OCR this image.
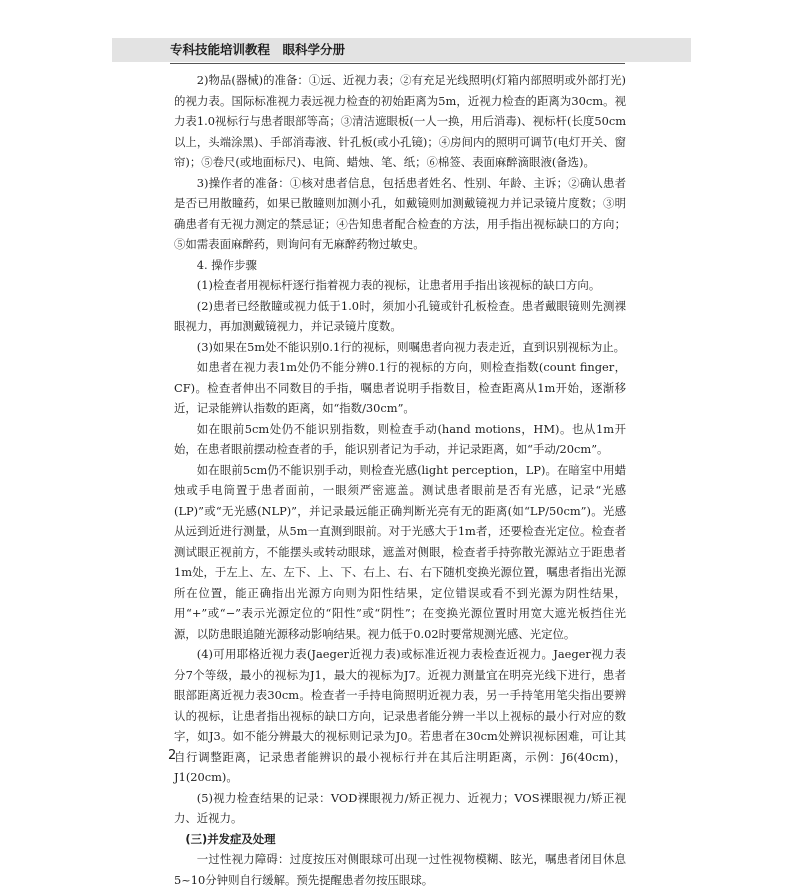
专科技能培训教程　眼科学分册

2)物品(器械)的准备：①远、近视力表；②有充足光线照明(灯箱内部照明或外部打光)的视力表。国际标准视力表远视力检查的初始距离为5m，近视力检查的距离为30cm。视力表1.0视标行与患者眼部等高；③清洁遮眼板(一人一换，用后消毒)、视标杆(长度50cm以上，头端涂黑)、手部消毒液、针孔板(或小孔镜)；④房间内的照明可调节(电灯开关、窗帘)；⑤卷尺(或地面标尺)、电筒、蜡烛、笔、纸；⑥棉签、表面麻醉滴眼液(备选)。

3)操作者的准备：①核对患者信息，包括患者姓名、性别、年龄、主诉；②确认患者是否已用散瞳药，如果已散瞳则加测小孔，如戴镜则加测戴镜视力并记录镜片度数；③明确患者有无视力测定的禁忌证；④告知患者配合检查的方法，用手指出视标缺口的方向；⑤如需表面麻醉药，则询问有无麻醉药物过敏史。

4. 操作步骤

(1)检查者用视标杆逐行指着视力表的视标，让患者用手指出该视标的缺口方向。

(2)患者已经散瞳或视力低于1.0时，须加小孔镜或针孔板检查。患者戴眼镜则先测裸眼视力，再加测戴镜视力，并记录镜片度数。

(3)如果在5m处不能识别0.1行的视标，则嘱患者向视力表走近，直到识别视标为止。

如患者在视力表1m处仍不能分辨0.1行的视标的方向，则检查指数(count finger，CF)。检查者伸出不同数目的手指，嘱患者说明手指数目，检查距离从1m开始，逐渐移近，记录能辨认指数的距离，如“指数/30cm”。

如在眼前5cm处仍不能识别指数，则检查手动(hand motions，HM)。也从1m开始，在患者眼前摆动检查者的手，能识别者记为手动，并记录距离，如“手动/20cm”。

如在眼前5cm仍不能识别手动，则检查光感(light perception，LP)。在暗室中用蜡烛或手电筒置于患者面前，一眼须严密遮盖。测试患者眼前是否有光感，记录“光感(LP)”或“无光感(NLP)”，并记录最远能正确判断光亮有无的距离(如“LP/50cm”)。光感从远到近进行测量，从5m一直测到眼前。对于光感大于1m者，还要检查光定位。检查者测试眼正视前方，不能摆头或转动眼球，遮盖对侧眼，检查者手持弥散光源站立于距患者1m处，于左上、左、左下、上、下、右上、右、右下随机变换光源位置，嘱患者指出光源所在位置，能正确指出光源方向则为阳性结果，定位错误或看不到光源为阴性结果，用“+”或“−”表示光源定位的“阳性”或“阴性”；在变换光源位置时用宽大遮光板挡住光源，以防患眼追随光源移动影响结果。视力低于0.02时要常规测光感、光定位。

(4)可用耶格近视力表(Jaeger近视力表)或标准近视力表检查近视力。Jaeger视力表分7个等级，最小的视标为J1，最大的视标为J7。近视力测量宜在明亮光线下进行，患者眼部距离近视力表30cm。检查者一手持电筒照明近视力表，另一手持笔用笔尖指出要辨认的视标，让患者指出视标的缺口方向，记录患者能分辨一半以上视标的最小行对应的数字，如J3。如不能分辨最大的视标则记录为J0。若患者在30cm处辨识视标困难，可让其自行调整距离，记录患者能辨识的最小视标行并在其后注明距离，示例：J6(40cm)，J1(20cm)。

(5)视力检查结果的记录：VOD裸眼视力/矫正视力、近视力；VOS裸眼视力/矫正视力、近视力。

(三)并发症及处理

一过性视力障碍：过度按压对侧眼球可出现一过性视物模糊、眩光，嘱患者闭目休息5~10分钟则自行缓解。预先提醒患者勿按压眼球。

2
